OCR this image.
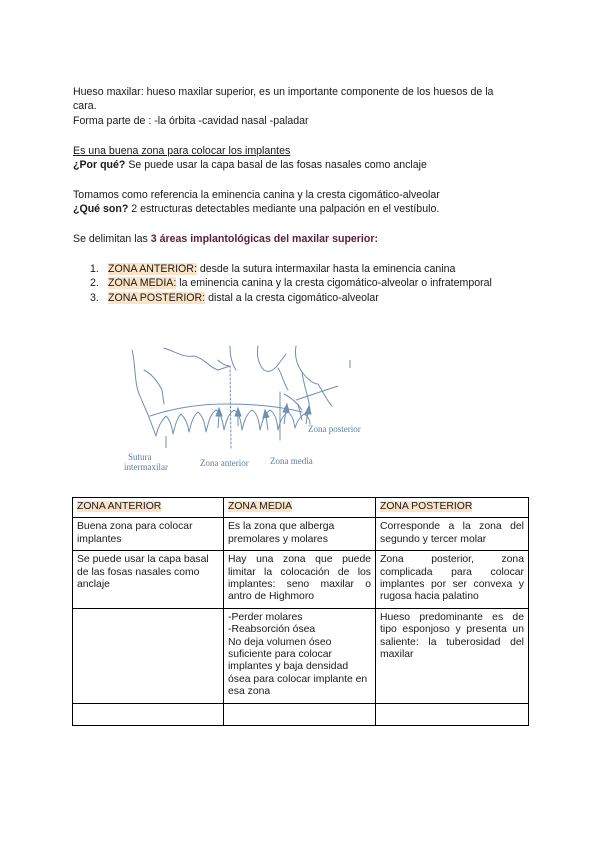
Hueso maxilar: hueso maxilar superior, es un importante componente de los huesos de la
cara.
Forma parte de : -la órbita -cavidad nasal -paladar
Es una buena zona para colocar los implantes
¿Por qué? Se puede usar la capa basal de las fosas nasales como anclaje
Tomamos como referencia la eminencia canina y la cresta cigomático-alveolar
¿Qué son? 2 estructuras detectables mediante una palpación en el vestíbulo.
Se delimitan las 3 áreas implantológicas del maxilar superior:
1. ZONA ANTERIOR: desde la sutura intermaxilar hasta la eminencia canina
2. ZONA MEDIA: la eminencia canina y la cresta cigomático-alveolar o infratemporal
3. ZONA POSTERIOR: distal a la cresta cigomático-alveolar
Zona posterior
Sutura
intermaxilar	Zona anterior Zona media
ZONA ANTERIOR	ZONA MEDIA	ZONA POSTERIOR
Buena zona para colocar implantes	Es la zona que alberga premolares y molares	Corresponde a la zona del segundo y tercer molar
Se puede usar la capa basal de las fosas nasales como anclaje	Hay una zona que puede limitar la colocación de los implantes: seno maxilar o antro de Highmoro	Zona posterior, zona complicada para colocar implantes por ser convexa y rugosa hacia palatino
	-Perder molares
-Reabsorción ósea
No deja volumen óseo suficiente para colocar implantes y baja densidad ósea para colocar implante en esa zona	Hueso predominante es de tipo esponjoso y presenta un saliente: la tuberosidad del maxilar
